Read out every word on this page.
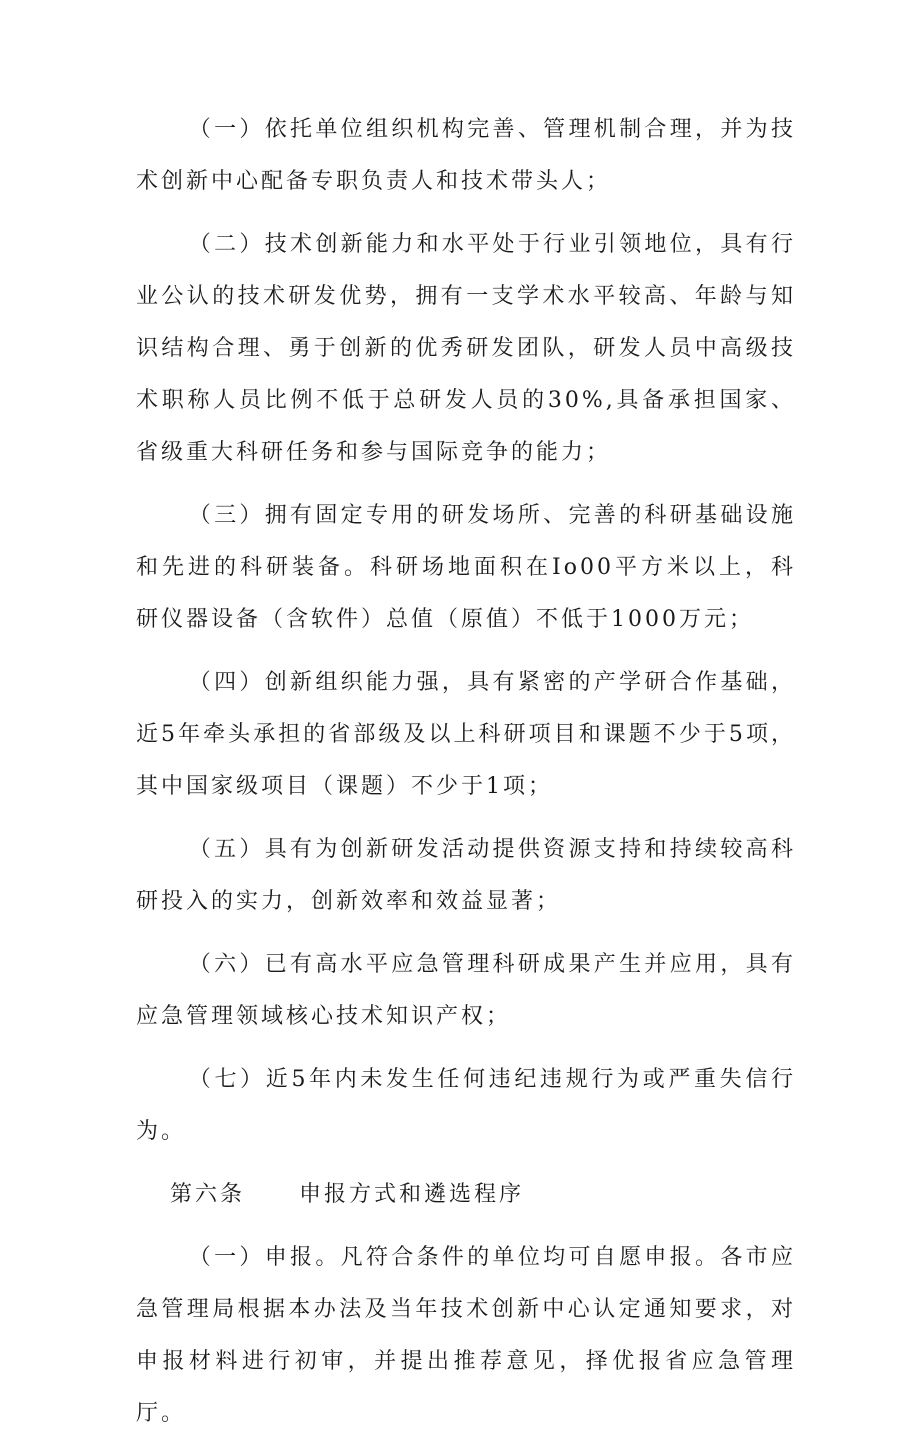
（一）依托单位组织机构完善、管理机制合理，并为技术创新中心配备专职负责人和技术带头人；

（二）技术创新能力和水平处于行业引领地位，具有行业公认的技术研发优势，拥有一支学术水平较高、年龄与知识结构合理、勇于创新的优秀研发团队，研发人员中高级技术职称人员比例不低于总研发人员的30%,具备承担国家、省级重大科研任务和参与国际竞争的能力；

（三）拥有固定专用的研发场所、完善的科研基础设施和先进的科研装备。科研场地面积在Io00平方米以上，科研仪器设备（含软件）总值（原值）不低于1000万元；

（四）创新组织能力强，具有紧密的产学研合作基础，近5年牵头承担的省部级及以上科研项目和课题不少于5项，其中国家级项目（课题）不少于1项；

（五）具有为创新研发活动提供资源支持和持续较高科研投入的实力，创新效率和效益显著；

（六）已有高水平应急管理科研成果产生并应用，具有应急管理领域核心技术知识产权；

（七）近5年内未发生任何违纪违规行为或严重失信行为。

第六条 申报方式和遴选程序

（一）申报。凡符合条件的单位均可自愿申报。各市应急管理局根据本办法及当年技术创新中心认定通知要求，对申报材料进行初审，并提出推荐意见，择优报省应急管理厅。
